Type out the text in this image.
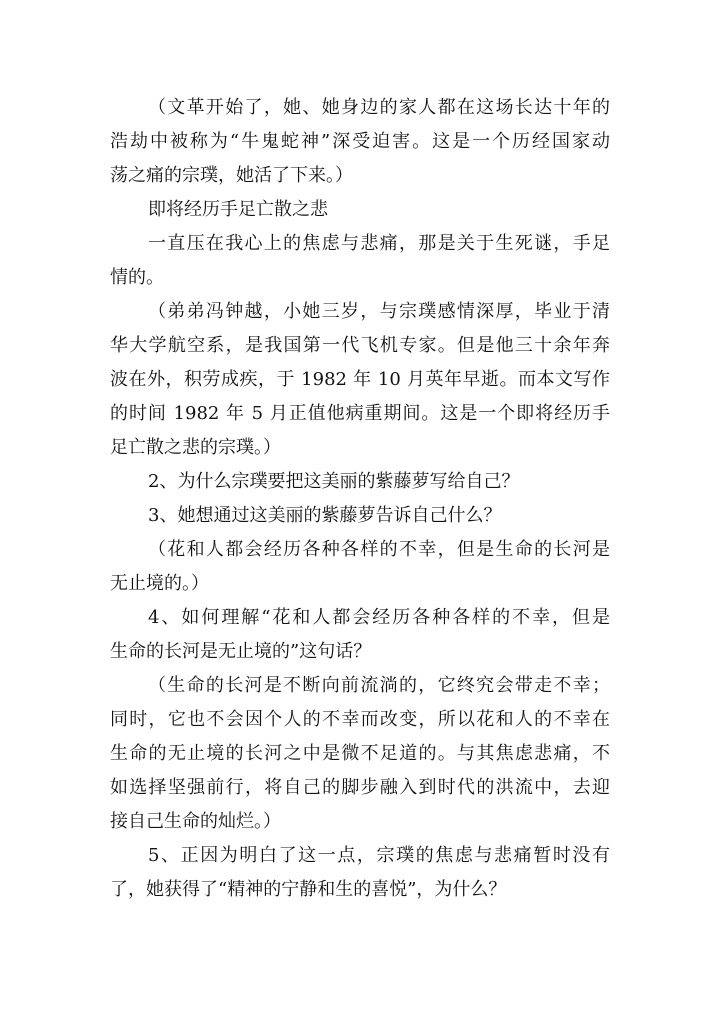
（文革开始了，她、她身边的家人都在这场长达十年的
浩劫中被称为“牛鬼蛇神”深受迫害。这是一个历经国家动
荡之痛的宗璞，她活了下来。）
即将经历手足亡散之悲
一直压在我心上的焦虑与悲痛，那是关于生死谜，手足
情的。
（弟弟冯钟越，小她三岁，与宗璞感情深厚，毕业于清
华大学航空系，是我国第一代飞机专家。但是他三十余年奔
波在外，积劳成疾，于 1982 年 10 月英年早逝。而本文写作
的时间 1982 年 5 月正值他病重期间。这是一个即将经历手
足亡散之悲的宗璞。）
2、为什么宗璞要把这美丽的紫藤萝写给自己？
3、她想通过这美丽的紫藤萝告诉自己什么？
（花和人都会经历各种各样的不幸，但是生命的长河是
无止境的。）
4、如何理解“花和人都会经历各种各样的不幸，但是
生命的长河是无止境的”这句话？
（生命的长河是不断向前流淌的，它终究会带走不幸；
同时，它也不会因个人的不幸而改变，所以花和人的不幸在
生命的无止境的长河之中是微不足道的。与其焦虑悲痛，不
如选择坚强前行，将自己的脚步融入到时代的洪流中，去迎
接自己生命的灿烂。）
5、正因为明白了这一点，宗璞的焦虑与悲痛暂时没有
了，她获得了“精神的宁静和生的喜悦”，为什么？
